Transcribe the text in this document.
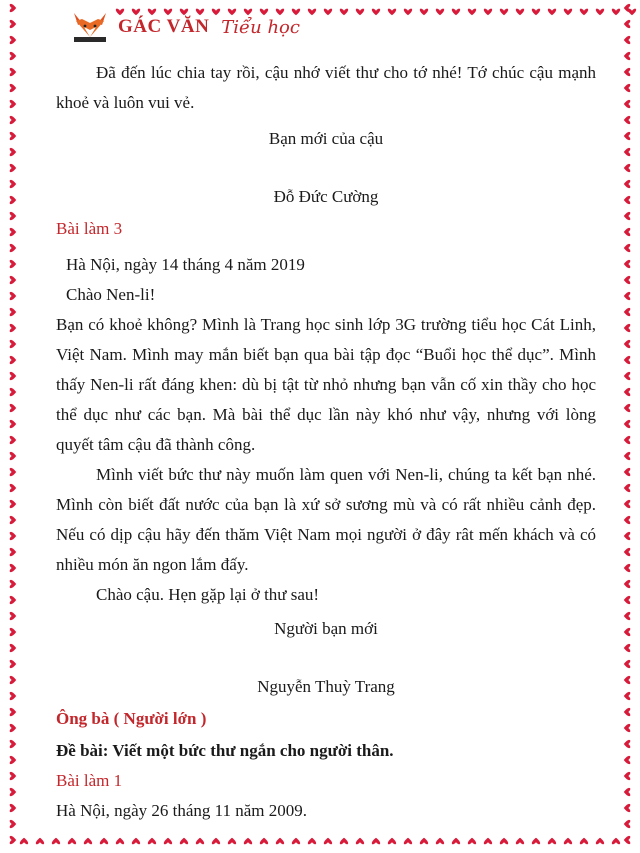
GÁC VĂN Tiểu học

Đã đến lúc chia tay rồi, cậu nhớ viết thư cho tớ nhé! Tớ chúc cậu mạnh khoẻ và luôn vui vẻ.

Bạn mới của cậu

Đỗ Đức Cường

Bài làm 3

Hà Nội, ngày 14 tháng 4 năm 2019

Chào Nen-li!

Bạn có khoẻ không? Mình là Trang học sinh lớp 3G trường tiểu học Cát Linh, Việt Nam. Mình may mắn biết bạn qua bài tập đọc “Buổi học thể dục”. Mình thấy Nen-li rất đáng khen: dù bị tật từ nhỏ nhưng bạn vẫn cố xin thầy cho học thể dục như các bạn. Mà bài thể dục lần này khó như vậy, nhưng với lòng quyết tâm cậu đã thành công.

Mình viết bức thư này muốn làm quen với Nen-li, chúng ta kết bạn nhé. Mình còn biết đất nước của bạn là xứ sở sương mù và có rất nhiều cảnh đẹp. Nếu có dịp cậu hãy đến thăm Việt Nam mọi người ở đây rât mến khách và có nhiều món ăn ngon lắm đấy.

Chào cậu. Hẹn gặp lại ở thư sau!

Người bạn mới

Nguyễn Thuỳ Trang

Ông bà ( Người lớn )

Đề bài: Viết một bức thư ngắn cho người thân.

Bài làm 1

Hà Nội, ngày 26 tháng 11 năm 2009.
